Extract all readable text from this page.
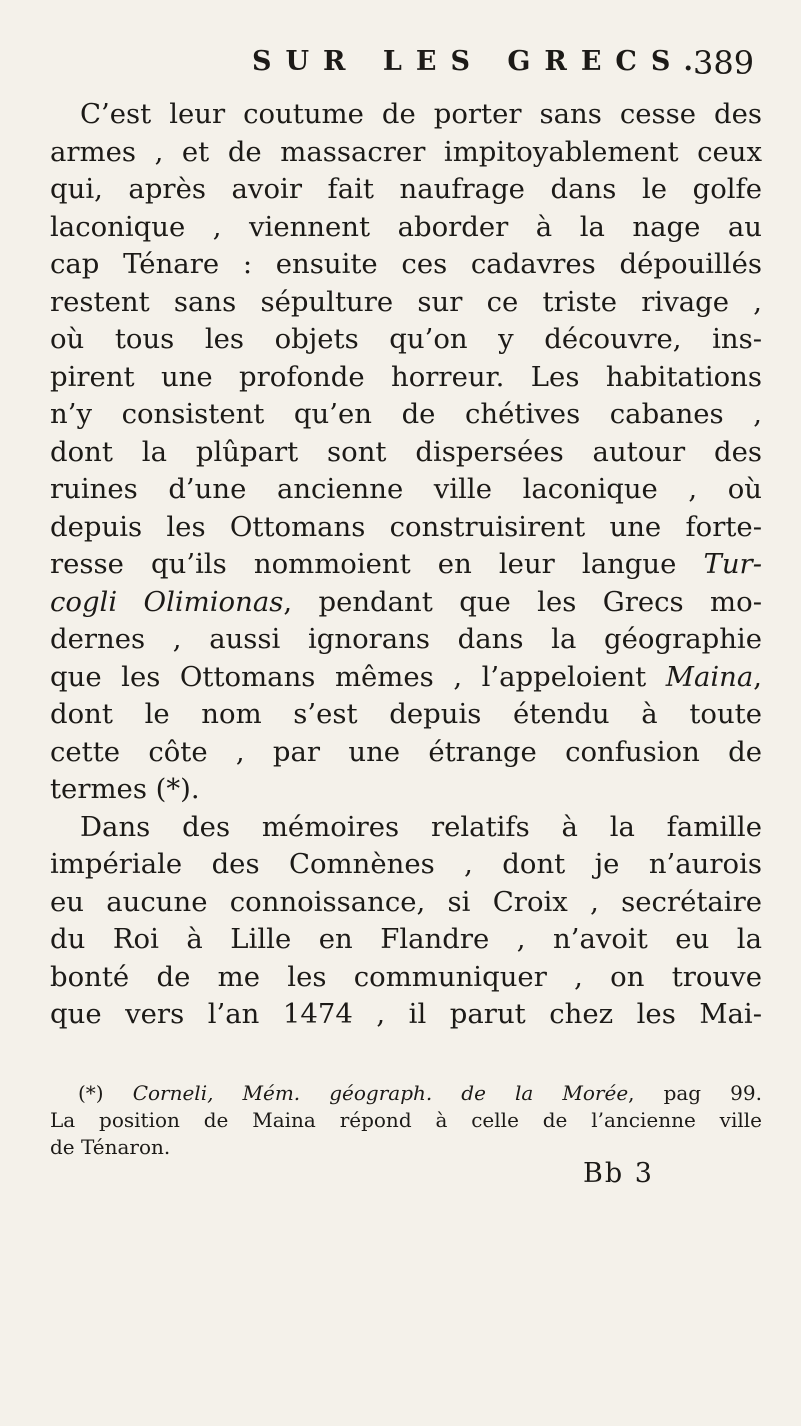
SUR LES GRECS.
389
C’est leur coutume de porter sans cesse des
armes , et de massacrer impitoyablement ceux
qui, après avoir fait naufrage dans le golfe
laconique , viennent aborder à la nage au
cap Ténare : ensuite ces cadavres dépouillés
restent sans sépulture sur ce triste rivage ,
où tous les objets qu’on y découvre, ins-
pirent une profonde horreur. Les habitations
n’y consistent qu’en de chétives cabanes ,
dont la plûpart sont dispersées autour des
ruines d’une ancienne ville laconique , où
depuis les Ottomans construisirent une forte-
resse qu’ils nommoient en leur langue Tur-
cogli Olimionas, pendant que les Grecs mo-
dernes , aussi ignorans dans la géographie
que les Ottomans mêmes , l’appeloient Maina,
dont le nom s’est depuis étendu à toute
cette côte , par une étrange confusion de
termes (*).
Dans des mémoires relatifs à la famille
impériale des Comnènes , dont je n’aurois
eu aucune connoissance, si Croix , secrétaire
du Roi à Lille en Flandre , n’avoit eu la
bonté de me les communiquer , on trouve
que vers l’an 1474 , il parut chez les Mai-
(*) Corneli, Mém. géograph. de la Morée, pag 99.
La position de Maina répond à celle de l’ancienne ville
de Ténaron.
Bb 3
